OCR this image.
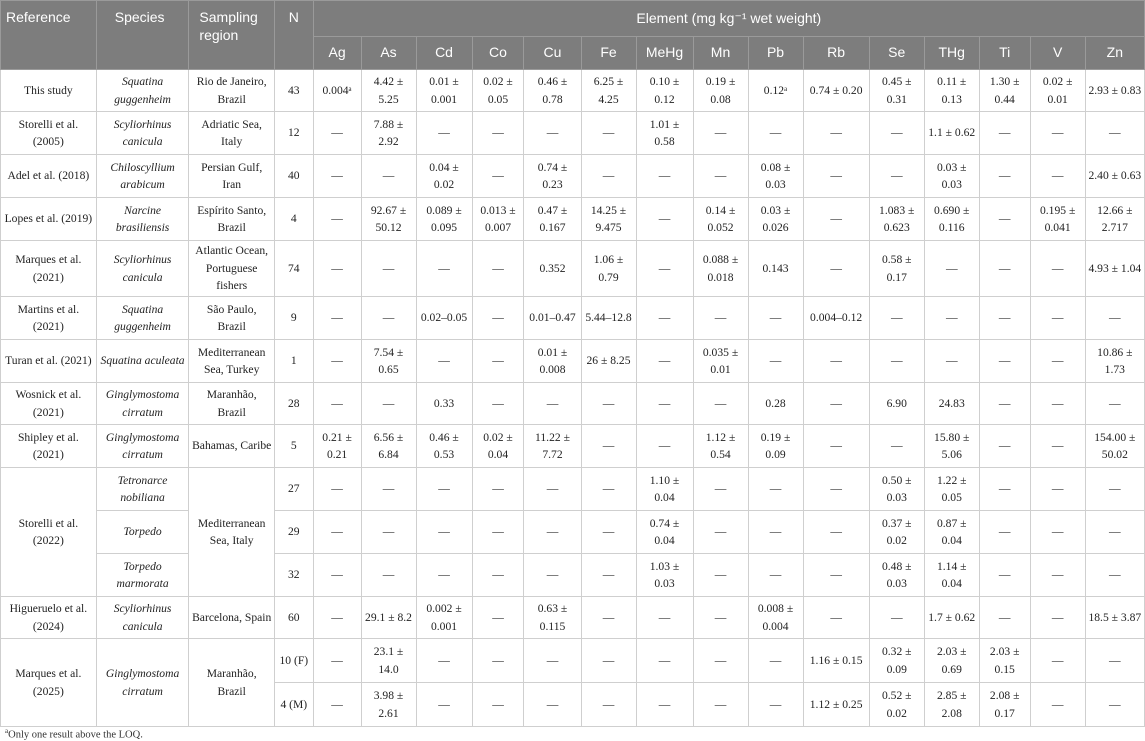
Reference	Species	Sampling region	N	Element (mg kg⁻¹ wet weight)														
				Ag	As	Cd	Co	Cu	Fe	MeHg	Mn	Pb	Rb	Se	THg	Ti	V	Zn
This study	Squatina guggenheim	Rio de Janeiro, Brazil	43	0.004ᵃ	4.42 ± 5.25	0.01 ± 0.001	0.02 ± 0.05	0.46 ± 0.78	6.25 ± 4.25	0.10 ± 0.12	0.19 ± 0.08	0.12ᵃ	0.74 ± 0.20	0.45 ± 0.31	0.11 ± 0.13	1.30 ± 0.44	0.02 ± 0.01	2.93 ± 0.83
Storelli et al. (2005)	Scyliorhinus canicula	Adriatic Sea, Italy	12	—	7.88 ± 2.92	—	—	—	—	1.01 ± 0.58	—	—	—	—	1.1 ± 0.62	—	—	—
Adel et al. (2018)	Chiloscyllium arabicum	Persian Gulf, Iran	40	—	—	0.04 ± 0.02	—	0.74 ± 0.23	—	—	—	0.08 ± 0.03	—	—	0.03 ± 0.03	—	—	2.40 ± 0.63
Lopes et al. (2019)	Narcine brasiliensis	Espírito Santo, Brazil	4	—	92.67 ± 50.12	0.089 ± 0.095	0.013 ± 0.007	0.47 ± 0.167	14.25 ± 9.475	—	0.14 ± 0.052	0.03 ± 0.026	—	1.083 ± 0.623	0.690 ± 0.116	—	0.195 ± 0.041	12.66 ± 2.717
Marques et al. (2021)	Scyliorhinus canicula	Atlantic Ocean, Portuguese fishers	74	—	—	—	—	0.352	1.06 ± 0.79	—	0.088 ± 0.018	0.143	—	0.58 ± 0.17	—	—	—	4.93 ± 1.04
Martins et al. (2021)	Squatina guggenheim	São Paulo, Brazil	9	—	—	0.02–0.05	—	0.01–0.47	5.44–12.8	—	—	—	0.004–0.12	—	—	—	—	—
Turan et al. (2021)	Squatina aculeata	Mediterranean Sea, Turkey	1	—	7.54 ± 0.65	—	—	0.01 ± 0.008	26 ± 8.25	—	0.035 ± 0.01	—	—	—	—	—	—	10.86 ± 1.73
Wosnick et al. (2021)	Ginglymostoma cirratum	Maranhão, Brazil	28	—	—	0.33	—	—	—	—	—	0.28	—	6.90	24.83	—	—	—
Shipley et al. (2021)	Ginglymostoma cirratum	Bahamas, Caribe	5	0.21 ± 0.21	6.56 ± 6.84	0.46 ± 0.53	0.02 ± 0.04	11.22 ± 7.72	—	—	1.12 ± 0.54	0.19 ± 0.09	—	—	15.80 ± 5.06	—	—	154.00 ± 50.02
Storelli et al. (2022)	Tetronarce nobiliana	Mediterranean Sea, Italy	27	—	—	—	—	—	—	1.10 ± 0.04	—	—	—	0.50 ± 0.03	1.22 ± 0.05	—	—	—
	Torpedo		29	—	—	—	—	—	—	0.74 ± 0.04	—	—	—	0.37 ± 0.02	0.87 ± 0.04	—	—	—
	Torpedo marmorata		32	—	—	—	—	—	—	1.03 ± 0.03	—	—	—	0.48 ± 0.03	1.14 ± 0.04	—	—	—
Higueruelo et al. (2024)	Scyliorhinus canicula	Barcelona, Spain	60	—	29.1 ± 8.2	0.002 ± 0.001	—	0.63 ± 0.115	—	—	—	0.008 ± 0.004	—	—	1.7 ± 0.62	—	—	18.5 ± 3.87
Marques et al. (2025)	Ginglymostoma cirratum	Maranhão, Brazil	10 (F)	—	23.1 ± 14.0	—	—	—	—	—	—	—	1.16 ± 0.15	0.32 ± 0.09	2.03 ± 0.69	2.03 ± 0.15	—	—
			4 (M)	—	3.98 ± 2.61	—	—	—	—	—	—	—	1.12 ± 0.25	0.52 ± 0.02	2.85 ± 2.08	2.08 ± 0.17	—	—
$^a$Only one result above the LOQ.
